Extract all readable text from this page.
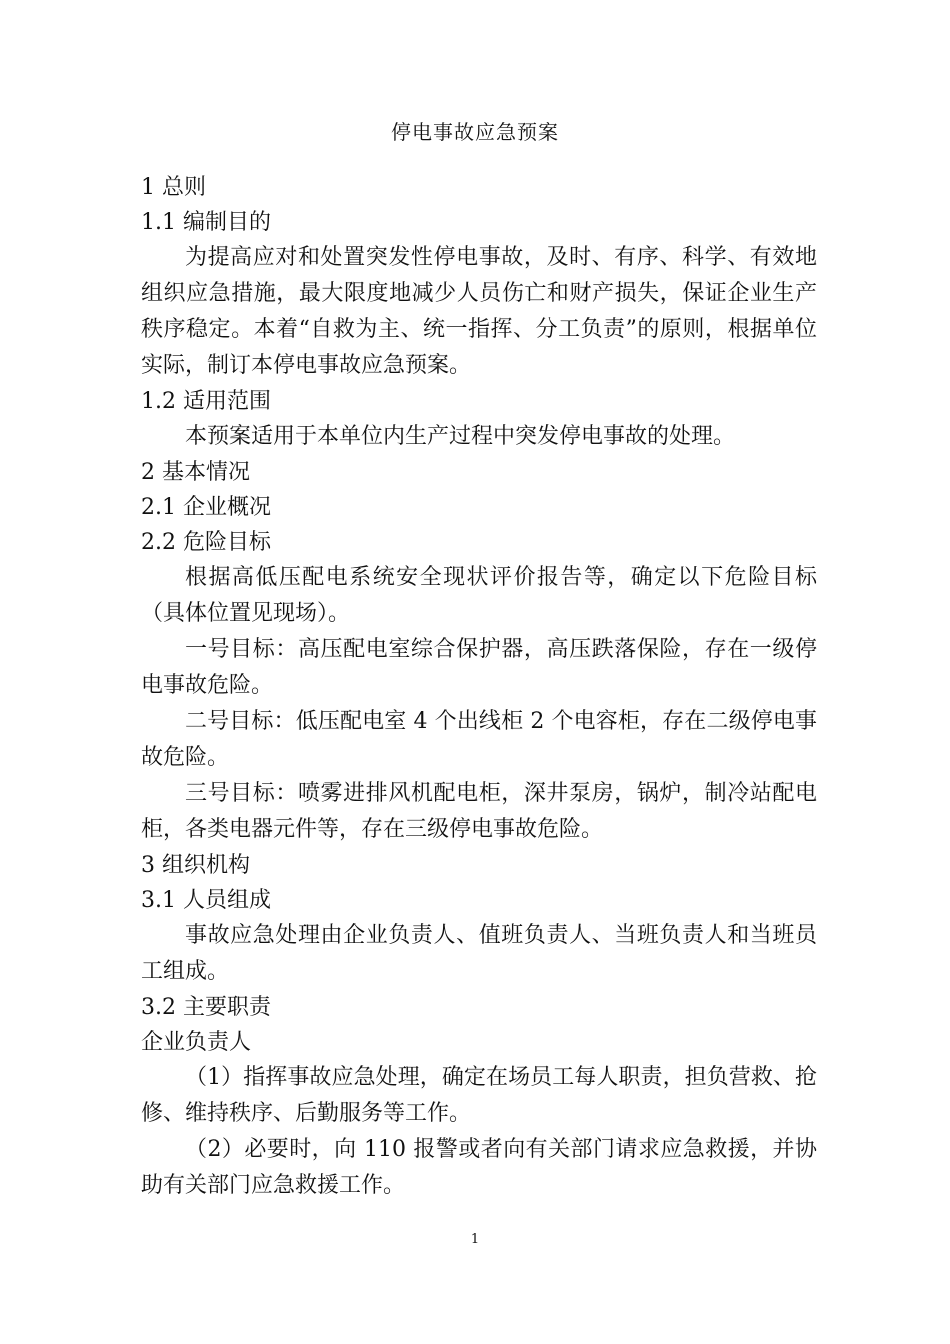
停电事故应急预案

1 总则

1.1 编制目的

为提高应对和处置突发性停电事故，及时、有序、科学、有效地组织应急措施，最大限度地减少人员伤亡和财产损失，保证企业生产秩序稳定。本着“自救为主、统一指挥、分工负责”的原则，根据单位实际，制订本停电事故应急预案。

1.2 适用范围

本预案适用于本单位内生产过程中突发停电事故的处理。

2 基本情况

2.1 企业概况

2.2 危险目标

根据高低压配电系统安全现状评价报告等，确定以下危险目标（具体位置见现场）。

一号目标：高压配电室综合保护器，高压跌落保险，存在一级停电事故危险。

二号目标：低压配电室 4 个出线柜 2 个电容柜，存在二级停电事故危险。

三号目标：喷雾进排风机配电柜，深井泵房，锅炉，制冷站配电柜，各类电器元件等，存在三级停电事故危险。

3 组织机构

3.1 人员组成

事故应急处理由企业负责人、值班负责人、当班负责人和当班员工组成。

3.2 主要职责

企业负责人

（1）指挥事故应急处理，确定在场员工每人职责，担负营救、抢修、维持秩序、后勤服务等工作。

（2）必要时，向 110 报警或者向有关部门请求应急救援，并协助有关部门应急救援工作。

1
